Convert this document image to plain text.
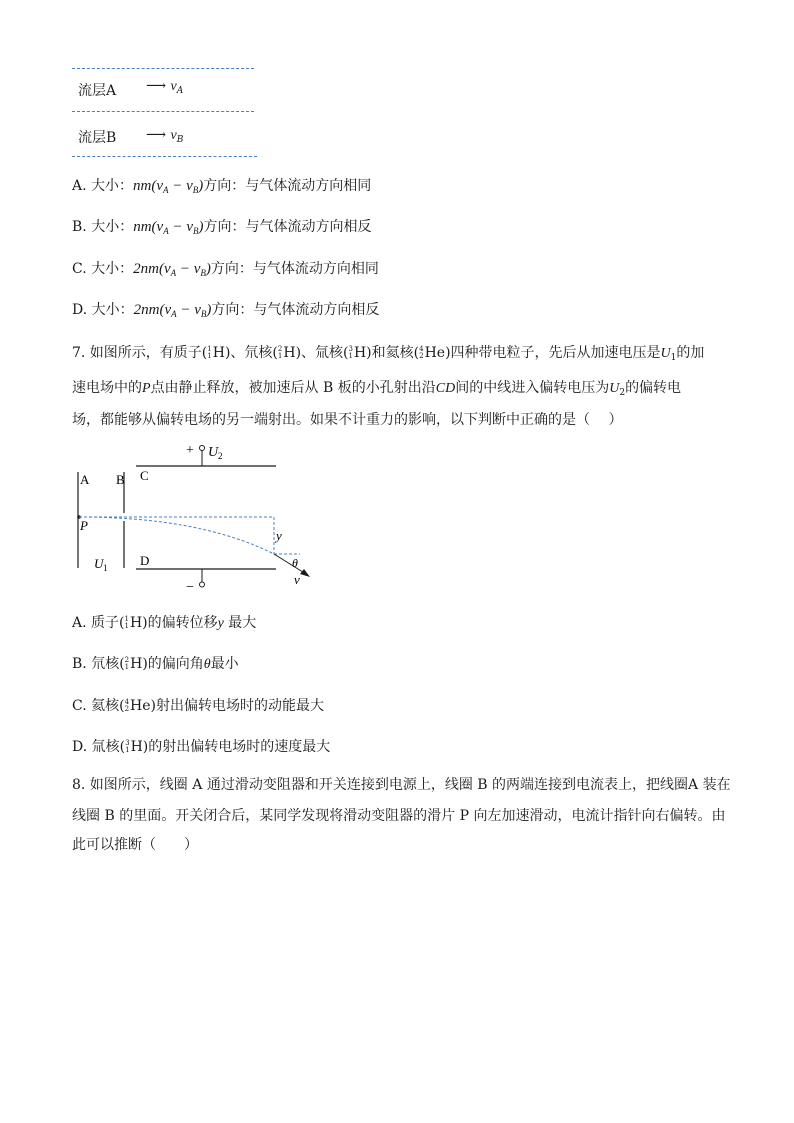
流层A ⟶ $v_A$
流层B ⟶ $v_B$
A. 大小：$nm(v_A - v_B)$方向：与气体流动方向相同
B. 大小：$nm(v_A - v_B)$方向：与气体流动方向相反
C. 大小：$2nm(v_A - v_B)$方向：与气体流动方向相同
D. 大小：$2nm(v_A - v_B)$方向：与气体流动方向相反
7. 如图所示，有质子( 1
1 H)、氘核( 2
1 H)、氚核( 3
1 H)和氦核( 4
2 He)四种带电粒子，先后从加速电压是$U_1$的加
速电场中的P点由静止释放，被加速后从 B 板的小孔射出沿CD间的中线进入偏转电压为$U_2$的偏转电
场，都能够从偏转电场的另一端射出。如果不计重力的影响，以下判断中正确的是（　 ）
+ U 2
−
A B C
D
P
U 1
y
θ
v
A. 质子( 1
1 H)的偏转位移y 最大
B. 氘核( 2
1 H)的偏向角θ最小
C. 氦核( 4
2 He)射出偏转电场时的动能最大
D. 氚核( 3
1 H)的射出偏转电场时的速度最大
8. 如图所示，线圈 A 通过滑动变阻器和开关连接到电源上，线圈 B 的两端连接到电流表上，把线圈A 装在
线圈 B 的里面。开关闭合后，某同学发现将滑动变阻器的滑片 P 向左加速滑动，电流计指针向右偏转。由
此可以推断（　　）
